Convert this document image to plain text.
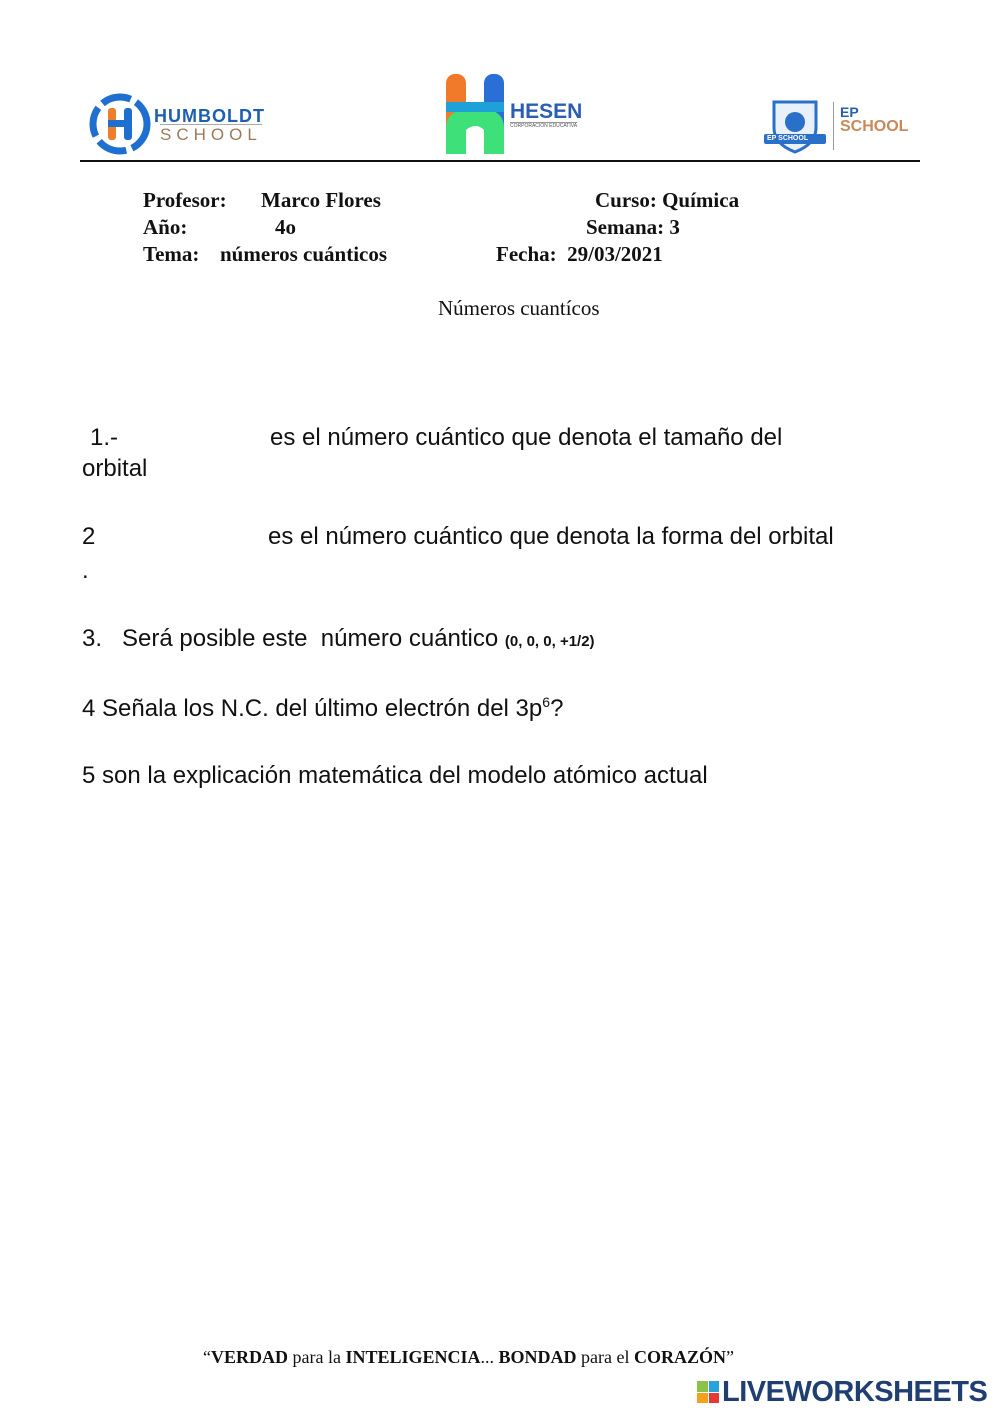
HUMBOLDT
SCHOOL
HESEN
CORPORACIÓN EDUCATIVA
EP SCHOOL
EP
SCHOOL
Profesor: Marco Flores	Curso: Química
Año:	4o	Semana: 3
Tema: números cuánticos	Fecha:  29/03/2021
Números cuantícos
1.-	es el número cuántico que denota el tamaño del
orbital
2	es el número cuántico que denota la forma del orbital
.
3.   Será posible este  número cuántico (0, 0, 0, +1/2)
4 Señala los N.C. del último electrón del $3p^6$?
5 son la explicación matemática del modelo atómico actual
“VERDAD para la INTELIGENCIA... BONDAD para el CORAZÓN”
LIVEWORKSHEETS
